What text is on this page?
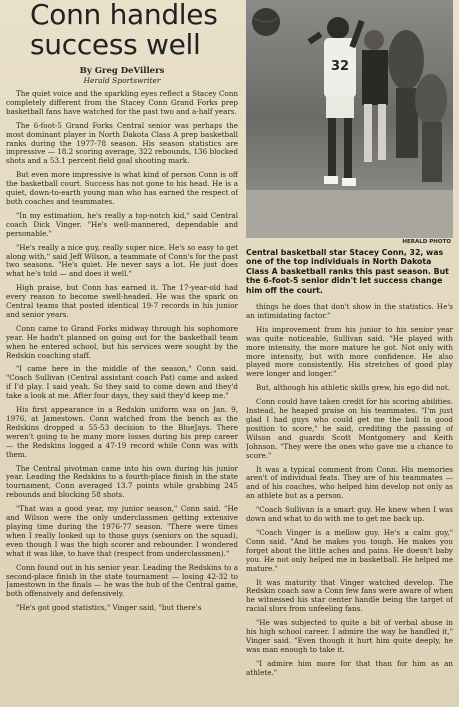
Conn handles success well
By Greg DeVillers
Herald Sportswriter

The quiet voice and the sparkling eyes reflect a Stacey Conn completely different from the Stacey Conn Grand Forks prep basketball fans have watched for the past two and a-half years.

The 6-foot-5 Grand Forks Central senior was perhaps the most dominant player in North Dakota Class A prep basketball ranks during the 1977-78 season. His season statistics are impressive — 18.2 scoring average, 322 rebounds, 136 blocked shots and a 53.1 percent field goal shooting mark.

But even more impressive is what kind of person Conn is off the basketball court. Success has not gone to his head. He is a quiet, down-to-earth young man who has earned the respect of both coaches and teammates.

"In my estimation, he's really a top-notch kid," said Central coach Dick Vinger. "He's well-mannered, dependable and personable."

"He's really a nice guy, really super nice. He's so easy to get along with," said Jeff Wilson, a teammate of Conn's for the past two seasons. "He's quiet. He never says a lot. He just does what he's told — and does it well."

High praise, but Conn has earned it. The 17-year-old had every reason to become swell-headed. He was the spark on Central teams that posted identical 19-7 records in his junior and senior years.

Conn came to Grand Forks midway through his sophomore year. He hadn't planned on going out for the basketball team when he entered school, but his services were sought by the Redskin coaching staff.

"I came here in the middle of the season," Conn said. "Coach Sullivan (Central assistant coach Pat) came and asked if I'd play. I said yeah. So they said to come down and they'd take a look at me. After four days, they said they'd keep me."

His first appearance in a Redskin uniform was on Jan. 9, 1976, at Jamestown. Conn watched from the bench as the Redskins dropped a 55-53 decision to the BlueJays. There weren't going to be many more losses during his prep career — the Redskins logged a 47-19 record while Conn was with them.

The Central pivotman came into his own during his junior year. Leading the Redskins to a fourth-place finish in the state tournament, Conn averaged 13.7 points while grabbing 245 rebounds and blocking 58 shots.

"That was a good year, my junior season," Conn said. "He and Wilson were the only underclassmen getting extensive playing time during the 1976-77 season. "There were times when I really looked up to those guys (seniors on the squad), even though I was the high scorer and rebounder. I wondered what it was like, to have that (respect from underclassmen)."

Conn found out in his senior year. Leading the Redskins to a second-place finish in the state tournament — losing 42-32 to Jamestown in the finals — he was the hub of the Central game, both offensively and defensively.

"He's got good statistics," Vinger said, "but there's

32
HERALD PHOTO
Central basketball star Stacey Conn, 32, was one of the top individuals in North Dakota Class A basketball ranks this past season. But the 6-foot-5 senior didn't let success change him off the court.

things he does that don't show in the statistics. He's an intimidating factor."

His improvement from his junior to his senior year was quite noticeable, Sullivan said. "He played with more intensity, the more mature he got. Not only with more intensity, but with more confidence. He also played more consistently. His stretches of good play were longer and longer."

But, although his athletic skills grew, his ego did not.

Conn could have taken credit for his scoring abilities. Instead, he heaped praise on his teammates. "I'm just glad I had guys who could get me the ball in good position to score," he said, crediting the passing of Wilson and guards Scott Montgomery and Keith Johnson. "They were the ones who gave me a chance to score."

It was a typical comment from Conn. His memories aren't of individual feats. They are of his teammates — and of his coaches, who helped him develop not only as an athlete but as a person.

"Coach Sullivan is a smart guy. He knew when I was down and what to do with me to get me back up.

"Coach Vinger is a mellow guy. He's a calm guy," Conn said. "And he makes you tough. He makes you forget about the little aches and pains. He doesn't baby you. He not only helped me in basketball. He helped me mature."

It was maturity that Vinger watched develop. The Redskin coach saw a Conn few fans were aware of when he witnessed his star center handle being the target of racial slurs from unfeeling fans.

"He was subjected to quite a bit of verbal abuse in his high school career. I admire the way he handled it," Vinger said. "Even though it hurt him quite deeply, he was man enough to take it.

"I admire him more for that than for him as an athlete."
